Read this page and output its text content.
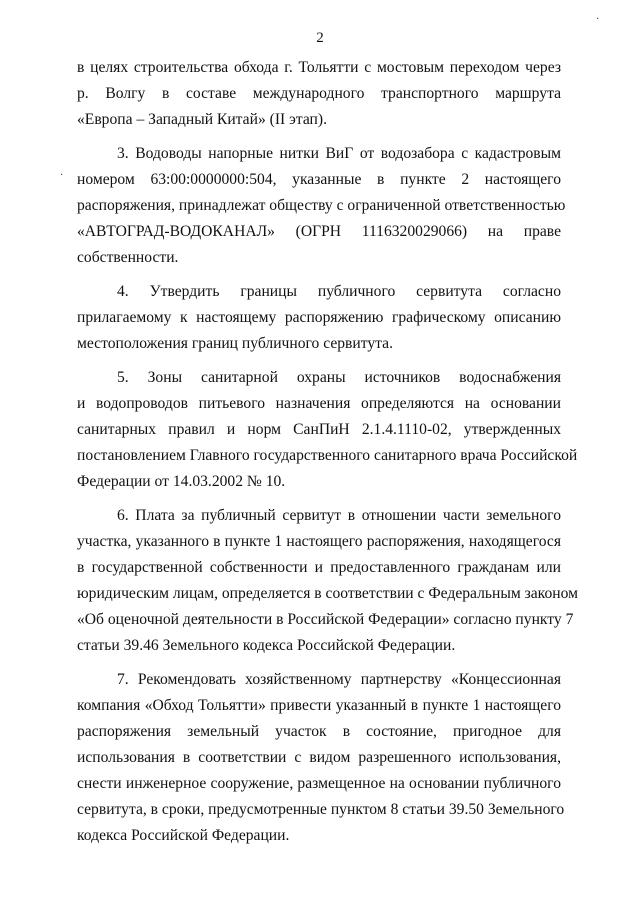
2
в целях строительства обхода г. Тольятти с мостовым переходом через
р. Волгу в составе международного транспортного маршрута
«Европа – Западный Китай» (II этап).
3. Водоводы напорные нитки ВиГ от водозабора с кадастровым
номером 63:00:0000000:504, указанные в пункте 2 настоящего
распоряжения, принадлежат обществу с ограниченной ответственностью
«АВТОГРАД-ВОДОКАНАЛ» (ОГРН 1116320029066) на праве
собственности.
4. Утвердить границы публичного сервитута согласно
прилагаемому к настоящему распоряжению графическому описанию
местоположения границ публичного сервитута.
5. Зоны санитарной охраны источников водоснабжения
и водопроводов питьевого назначения определяются на основании
санитарных правил и норм СанПиН 2.1.4.1110-02, утвержденных
постановлением Главного государственного санитарного врача Российской
Федерации от 14.03.2002 № 10.
6. Плата за публичный сервитут в отношении части земельного
участка, указанного в пункте 1 настоящего распоряжения, находящегося
в государственной собственности и предоставленного гражданам или
юридическим лицам, определяется в соответствии с Федеральным законом
«Об оценочной деятельности в Российской Федерации» согласно пункту 7
статьи 39.46 Земельного кодекса Российской Федерации.
7. Рекомендовать хозяйственному партнерству «Концессионная
компания «Обход Тольятти» привести указанный в пункте 1 настоящего
распоряжения земельный участок в состояние, пригодное для
использования в соответствии с видом разрешенного использования,
снести инженерное сооружение, размещенное на основании публичного
сервитута, в сроки, предусмотренные пунктом 8 статьи 39.50 Земельного
кодекса Российской Федерации.
·
·
